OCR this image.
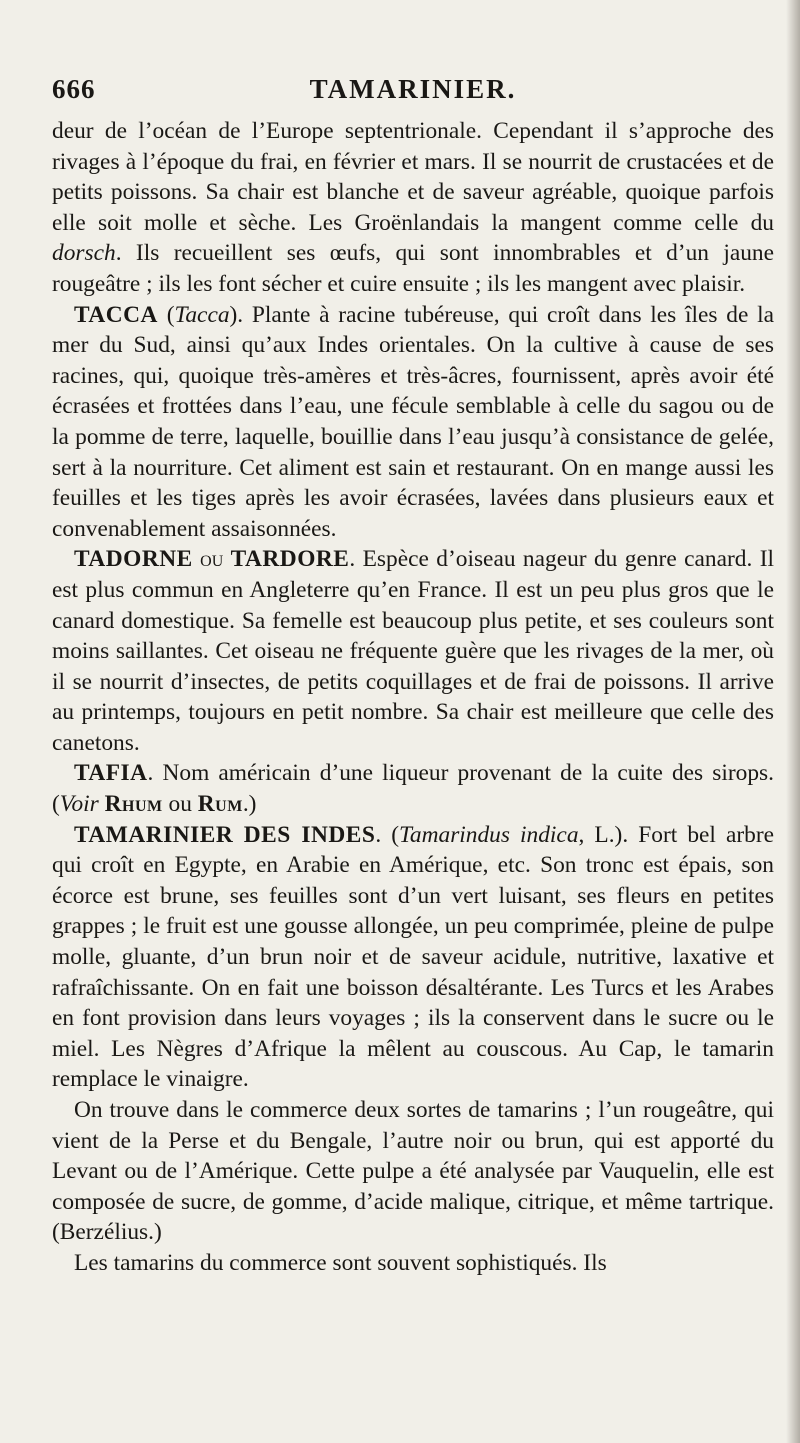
TAMARINIER.
666

deur de l’océan de l’Europe septentrionale. Cependant il s’approche des rivages à l’époque du frai, en février et mars. Il se nourrit de crustacées et de petits poissons. Sa chair est blanche et de saveur agréable, quoique parfois elle soit molle et sèche. Les Groënlandais la mangent comme celle du dorsch. Ils recueillent ses œufs, qui sont innombrables et d’un jaune rougeâtre ; ils les font sécher et cuire ensuite ; ils les mangent avec plaisir.

TACCA (Tacca). Plante à racine tubéreuse, qui croît dans les îles de la mer du Sud, ainsi qu’aux Indes orientales. On la cultive à cause de ses racines, qui, quoique très-amères et très-âcres, fournissent, après avoir été écrasées et frottées dans l’eau, une fécule semblable à celle du sagou ou de la pomme de terre, laquelle, bouillie dans l’eau jusqu’à consistance de gelée, sert à la nourriture. Cet aliment est sain et restaurant. On en mange aussi les feuilles et les tiges après les avoir écrasées, lavées dans plusieurs eaux et convenablement assaisonnées.

TADORNE ou TARDORE. Espèce d’oiseau nageur du genre canard. Il est plus commun en Angleterre qu’en France. Il est un peu plus gros que le canard domestique. Sa femelle est beaucoup plus petite, et ses couleurs sont moins saillantes. Cet oiseau ne fréquente guère que les rivages de la mer, où il se nourrit d’insectes, de petits coquillages et de frai de poissons. Il arrive au printemps, toujours en petit nombre. Sa chair est meilleure que celle des canetons.

TAFIA. Nom américain d’une liqueur provenant de la cuite des sirops. (Voir Rhum ou Rum.)

TAMARINIER DES INDES. (Tamarindus indica, L.). Fort bel arbre qui croît en Egypte, en Arabie en Amérique, etc. Son tronc est épais, son écorce est brune, ses feuilles sont d’un vert luisant, ses fleurs en petites grappes ; le fruit est une gousse allongée, un peu comprimée, pleine de pulpe molle, gluante, d’un brun noir et de saveur acidule, nutritive, laxative et rafraîchissante. On en fait une boisson désaltérante. Les Turcs et les Arabes en font provision dans leurs voyages ; ils la conservent dans le sucre ou le miel. Les Nègres d’Afrique la mêlent au couscous. Au Cap, le tamarin remplace le vinaigre.

On trouve dans le commerce deux sortes de tamarins ; l’un rougeâtre, qui vient de la Perse et du Bengale, l’autre noir ou brun, qui est apporté du Levant ou de l’Amérique. Cette pulpe a été analysée par Vauquelin, elle est composée de sucre, de gomme, d’acide malique, citrique, et même tartrique. (Berzélius.)

Les tamarins du commerce sont souvent sophistiqués. Ils
